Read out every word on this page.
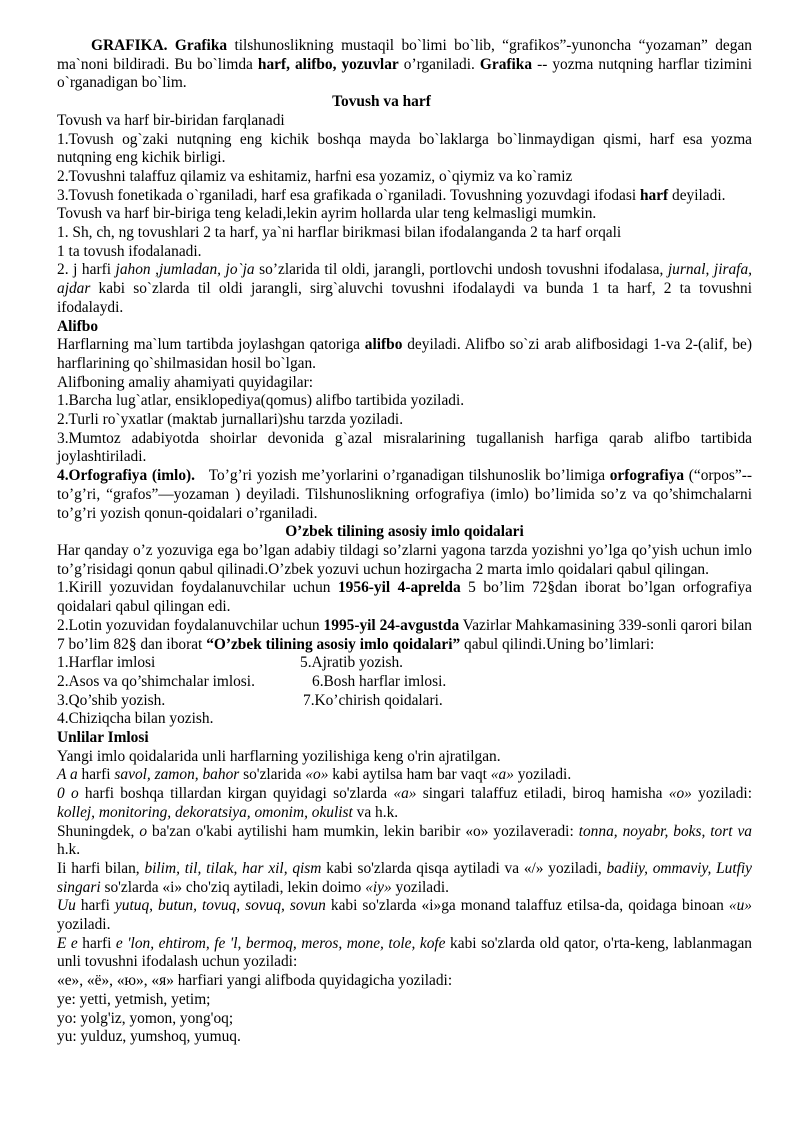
GRAFIKA. Grafika tilshunoslikning mustaqil bo`limi bo`lib, “grafikos”-yunoncha “yozaman” degan ma`noni bildiradi. Bu bo`limda harf, alifbo, yozuvlar o’rganiladi. Grafika -- yozma nutqning harflar tizimini o`rganadigan bo`lim.

Tovush va harf

Tovush va harf bir-biridan farqlanadi

1.Tovush og`zaki nutqning eng kichik boshqa mayda bo`laklarga bo`linmaydigan qismi, harf esa yozma nutqning eng kichik birligi.

2.Tovushni talaffuz qilamiz va eshitamiz, harfni esa yozamiz, o`qiymiz va ko`ramiz

3.Tovush fonetikada o`rganiladi, harf esa grafikada o`rganiladi. Tovushning yozuvdagi ifodasi harf deyiladi.

Tovush va harf bir-biriga teng keladi,lekin ayrim hollarda ular teng kelmasligi mumkin.

1. Sh, ch, ng tovushlari 2 ta harf, ya`ni harflar birikmasi bilan ifodalanganda 2 ta harf orqali

1 ta tovush ifodalanadi.

2. j harfi jahon ,jumladan, jo`ja so’zlarida til oldi, jarangli, portlovchi undosh tovushni ifodalasa, jurnal, jirafa, ajdar kabi so`zlarda til oldi jarangli, sirg`aluvchi tovushni ifodalaydi va bunda 1 ta harf, 2 ta tovushni ifodalaydi.

Alifbo

Harflarning ma`lum tartibda joylashgan qatoriga alifbo deyiladi. Alifbo so`zi arab alifbosidagi 1-va 2-(alif, be) harflarining qo`shilmasidan hosil bo`lgan.

Alifboning amaliy ahamiyati quyidagilar:

1.Barcha lug`atlar, ensiklopediya(qomus) alifbo tartibida yoziladi.

2.Turli ro`yxatlar (maktab jurnallari)shu tarzda yoziladi.

3.Mumtoz adabiyotda shoirlar devonida g`azal misralarining tugallanish harfiga qarab alifbo tartibida joylashtiriladi.

4.Orfografiya (imlo).   To’g’ri yozish me’yorlarini o’rganadigan tilshunoslik bo’limiga orfografiya (“orpos”-- to’g’ri, “grafos”—yozaman ) deyiladi. Tilshunoslikning orfografiya (imlo) bo’limida so’z va qo’shimchalarni to’g’ri yozish qonun-qoidalari o’rganiladi.

O’zbek tilining asosiy imlo qoidalari

Har qanday o’z yozuviga ega bo’lgan adabiy tildagi so’zlarni yagona tarzda yozishni yo’lga qo’yish uchun imlo to’g’risidagi qonun qabul qilinadi.O’zbek yozuvi uchun hozirgacha 2 marta imlo qoidalari qabul qilingan.

1.Kirill yozuvidan foydalanuvchilar uchun 1956-yil 4-aprelda 5 bo’lim 72§dan iborat bo’lgan orfografiya qoidalari qabul qilingan edi.

2.Lotin yozuvidan foydalanuvchilar uchun 1995-yil 24-avgustda Vazirlar Mahkamasining 339-sonli qarori bilan 7 bo’lim 82§ dan iborat “O’zbek tilining asosiy imlo qoidalari” qabul qilindi.Uning bo’limlari:

1.Harflar imlosi	5.Ajratib yozish.
2.Asos va qo’shimchalar imlosi.	6.Bosh harflar imlosi.
3.Qo’shib yozish.	7.Ko’chirish qoidalari.
4.Chiziqcha bilan yozish.

Unlilar Imlosi

Yangi imlo qoidalarida unli harflarning yozilishiga keng o'rin ajratilgan.

A a harfi savol, zamon, bahor so'zlarida «o» kabi aytilsa ham bar vaqt «a» yoziladi.

0 o harfi boshqa tillardan kirgan quyidagi so'zlarda «a» singari talaffuz etiladi, biroq hamisha «o» yoziladi: kollej, monitoring, dekoratsiya, omonim, okulist va h.k.

Shuningdek, o ba'zan o'kabi aytilishi ham mumkin, lekin baribir «o» yozilaveradi: tonna, noyabr, boks, tort va h.k.

Ii harfi bilan, bilim, til, tilak, har xil, qism kabi so'zlarda qisqa aytiladi va «/» yoziladi, badiiy, ommaviy, Lutfiy singari so'zlarda «i» cho'ziq aytiladi, lekin doimo «iy» yoziladi.

Uu harfi yutuq, butun, tovuq, sovuq, sovun kabi so'zlarda «i»ga monand talaffuz etilsa-da, qoidaga binoan «u» yoziladi.

E e harfi e 'lon, ehtirom, fe 'l, bermoq, meros, mone, tole, kofe kabi so'zlarda old qator, o'rta-keng, lablanmagan unli tovushni ifodalash uchun yoziladi:

«е», «ё», «ю», «я» harfiari yangi alifboda quyidagicha yoziladi:

ye: yetti, yetmish, yetim;

yo: yolg'iz, yomon, yong'oq;

yu: yulduz, yumshoq, yumuq.
